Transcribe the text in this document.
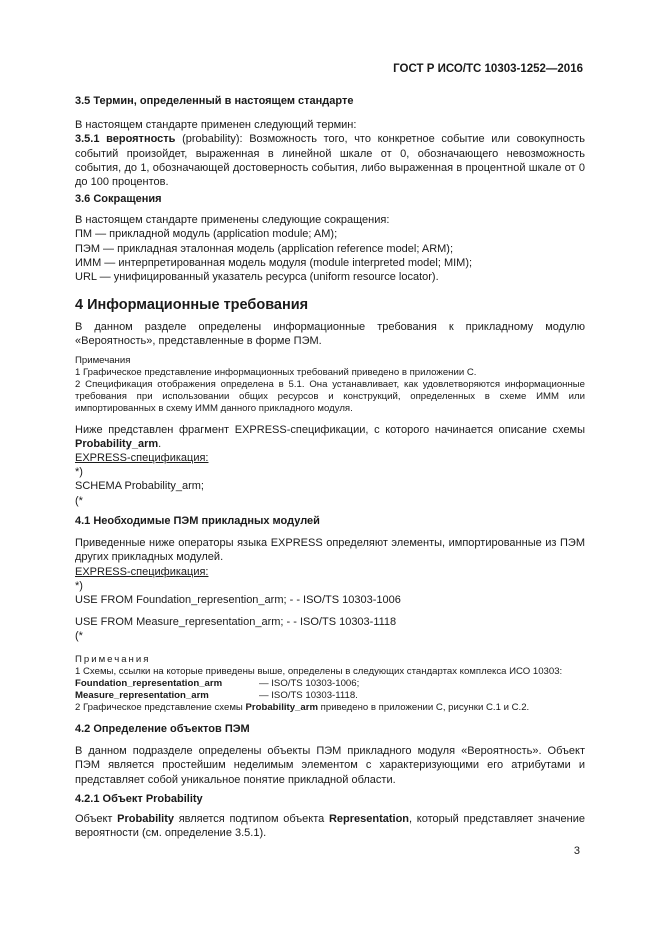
ГОСТ Р ИСО/ТС 10303-1252—2016

3.5 Термин, определенный в настоящем стандарте

В настоящем стандарте применен следующий термин:

3.5.1 вероятность (probability): Возможность того, что конкретное событие или совокупность событий произойдет, выраженная в линейной шкале от 0, обозначающего невозможность события, до 1, обозначающей достоверность события, либо выраженная в процентной шкале от 0 до 100 процентов.

3.6 Сокращения

В настоящем стандарте применены следующие сокращения:

ПМ — прикладной модуль (application module; AM);

ПЭМ — прикладная эталонная модель (application reference model; ARM);

ИММ — интерпретированная модель модуля (module interpreted model; MIM);

URL — унифицированный указатель ресурса (uniform resource locator).

4 Информационные требования

В данном разделе определены информационные требования к прикладному модулю «Вероятность», представленные в форме ПЭМ.

Примечания

1 Графическое представление информационных требований приведено в приложении С.

2 Спецификация отображения определена в 5.1. Она устанавливает, как удовлетворяются информационные требования при использовании общих ресурсов и конструкций, определенных в схеме ИММ или импортированных в схему ИММ данного прикладного модуля.

Ниже представлен фрагмент EXPRESS-спецификации, с которого начинается описание схемы Probability_arm.

EXPRESS-спецификация:

*)

SCHEMA Probability_arm;

(*

4.1 Необходимые ПЭМ прикладных модулей

Приведенные ниже операторы языка EXPRESS определяют элементы, импортированные из ПЭМ других прикладных модулей.

EXPRESS-спецификация:

*)

USE FROM Foundation_represention_arm; - - ISO/TS 10303-1006

USE FROM Measure_representation_arm; - - ISO/TS 10303-1118

(*

Примечания

1 Схемы, ссылки на которые приведены выше, определены в следующих стандартах комплекса ИСО 10303:

Foundation_representation_arm	— ISO/TS 10303-1006;
Measure_representation_arm	— ISO/TS 10303-1118.

2 Графическое представление схемы Probability_arm приведено в приложении С, рисунки С.1 и С.2.

4.2 Определение объектов ПЭМ

В данном подразделе определены объекты ПЭМ прикладного модуля «Вероятность». Объект ПЭМ является простейшим неделимым элементом с характеризующими его атрибутами и представляет собой уникальное понятие прикладной области.

4.2.1 Объект Probability

Объект Probability является подтипом объекта Representation, который представляет значение вероятности (см. определение 3.5.1).

3
